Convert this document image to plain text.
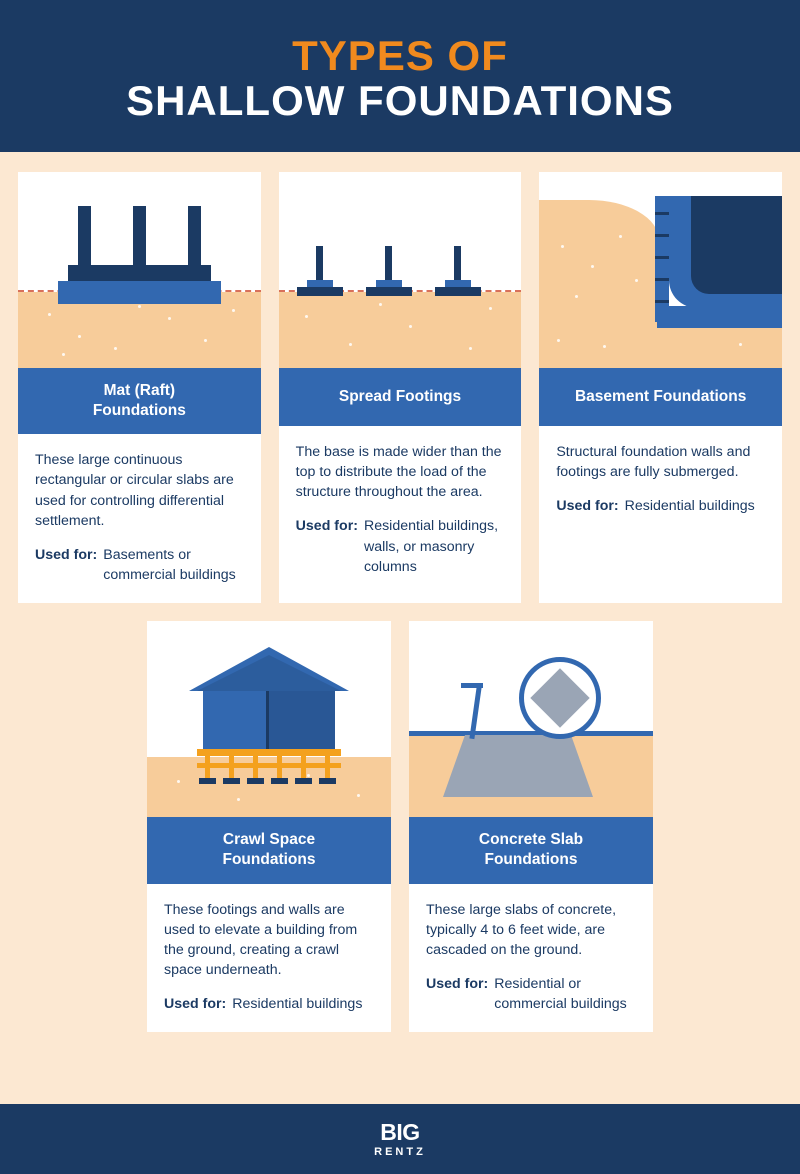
TYPES OF
SHALLOW FOUNDATIONS
Mat (Raft)
Foundations

These large continuous rectangular or circular slabs are used for controlling differential settlement.

Used for: Basements or commercial buildings
Spread Footings

The base is made wider than the top to distribute the load of the structure throughout the area.

Used for: Residential buildings, walls, or masonry columns
Basement Foundations

Structural foundation walls and footings are fully submerged.

Used for: Residential buildings
Crawl Space
Foundations

These footings and walls are used to elevate a building from the ground, creating a crawl space underneath.

Used for: Residential buildings
Concrete Slab
Foundations

These large slabs of concrete, typically 4 to 6 feet wide, are cascaded on the ground.

Used for: Residential or commercial buildings
BIG
RENTZ
